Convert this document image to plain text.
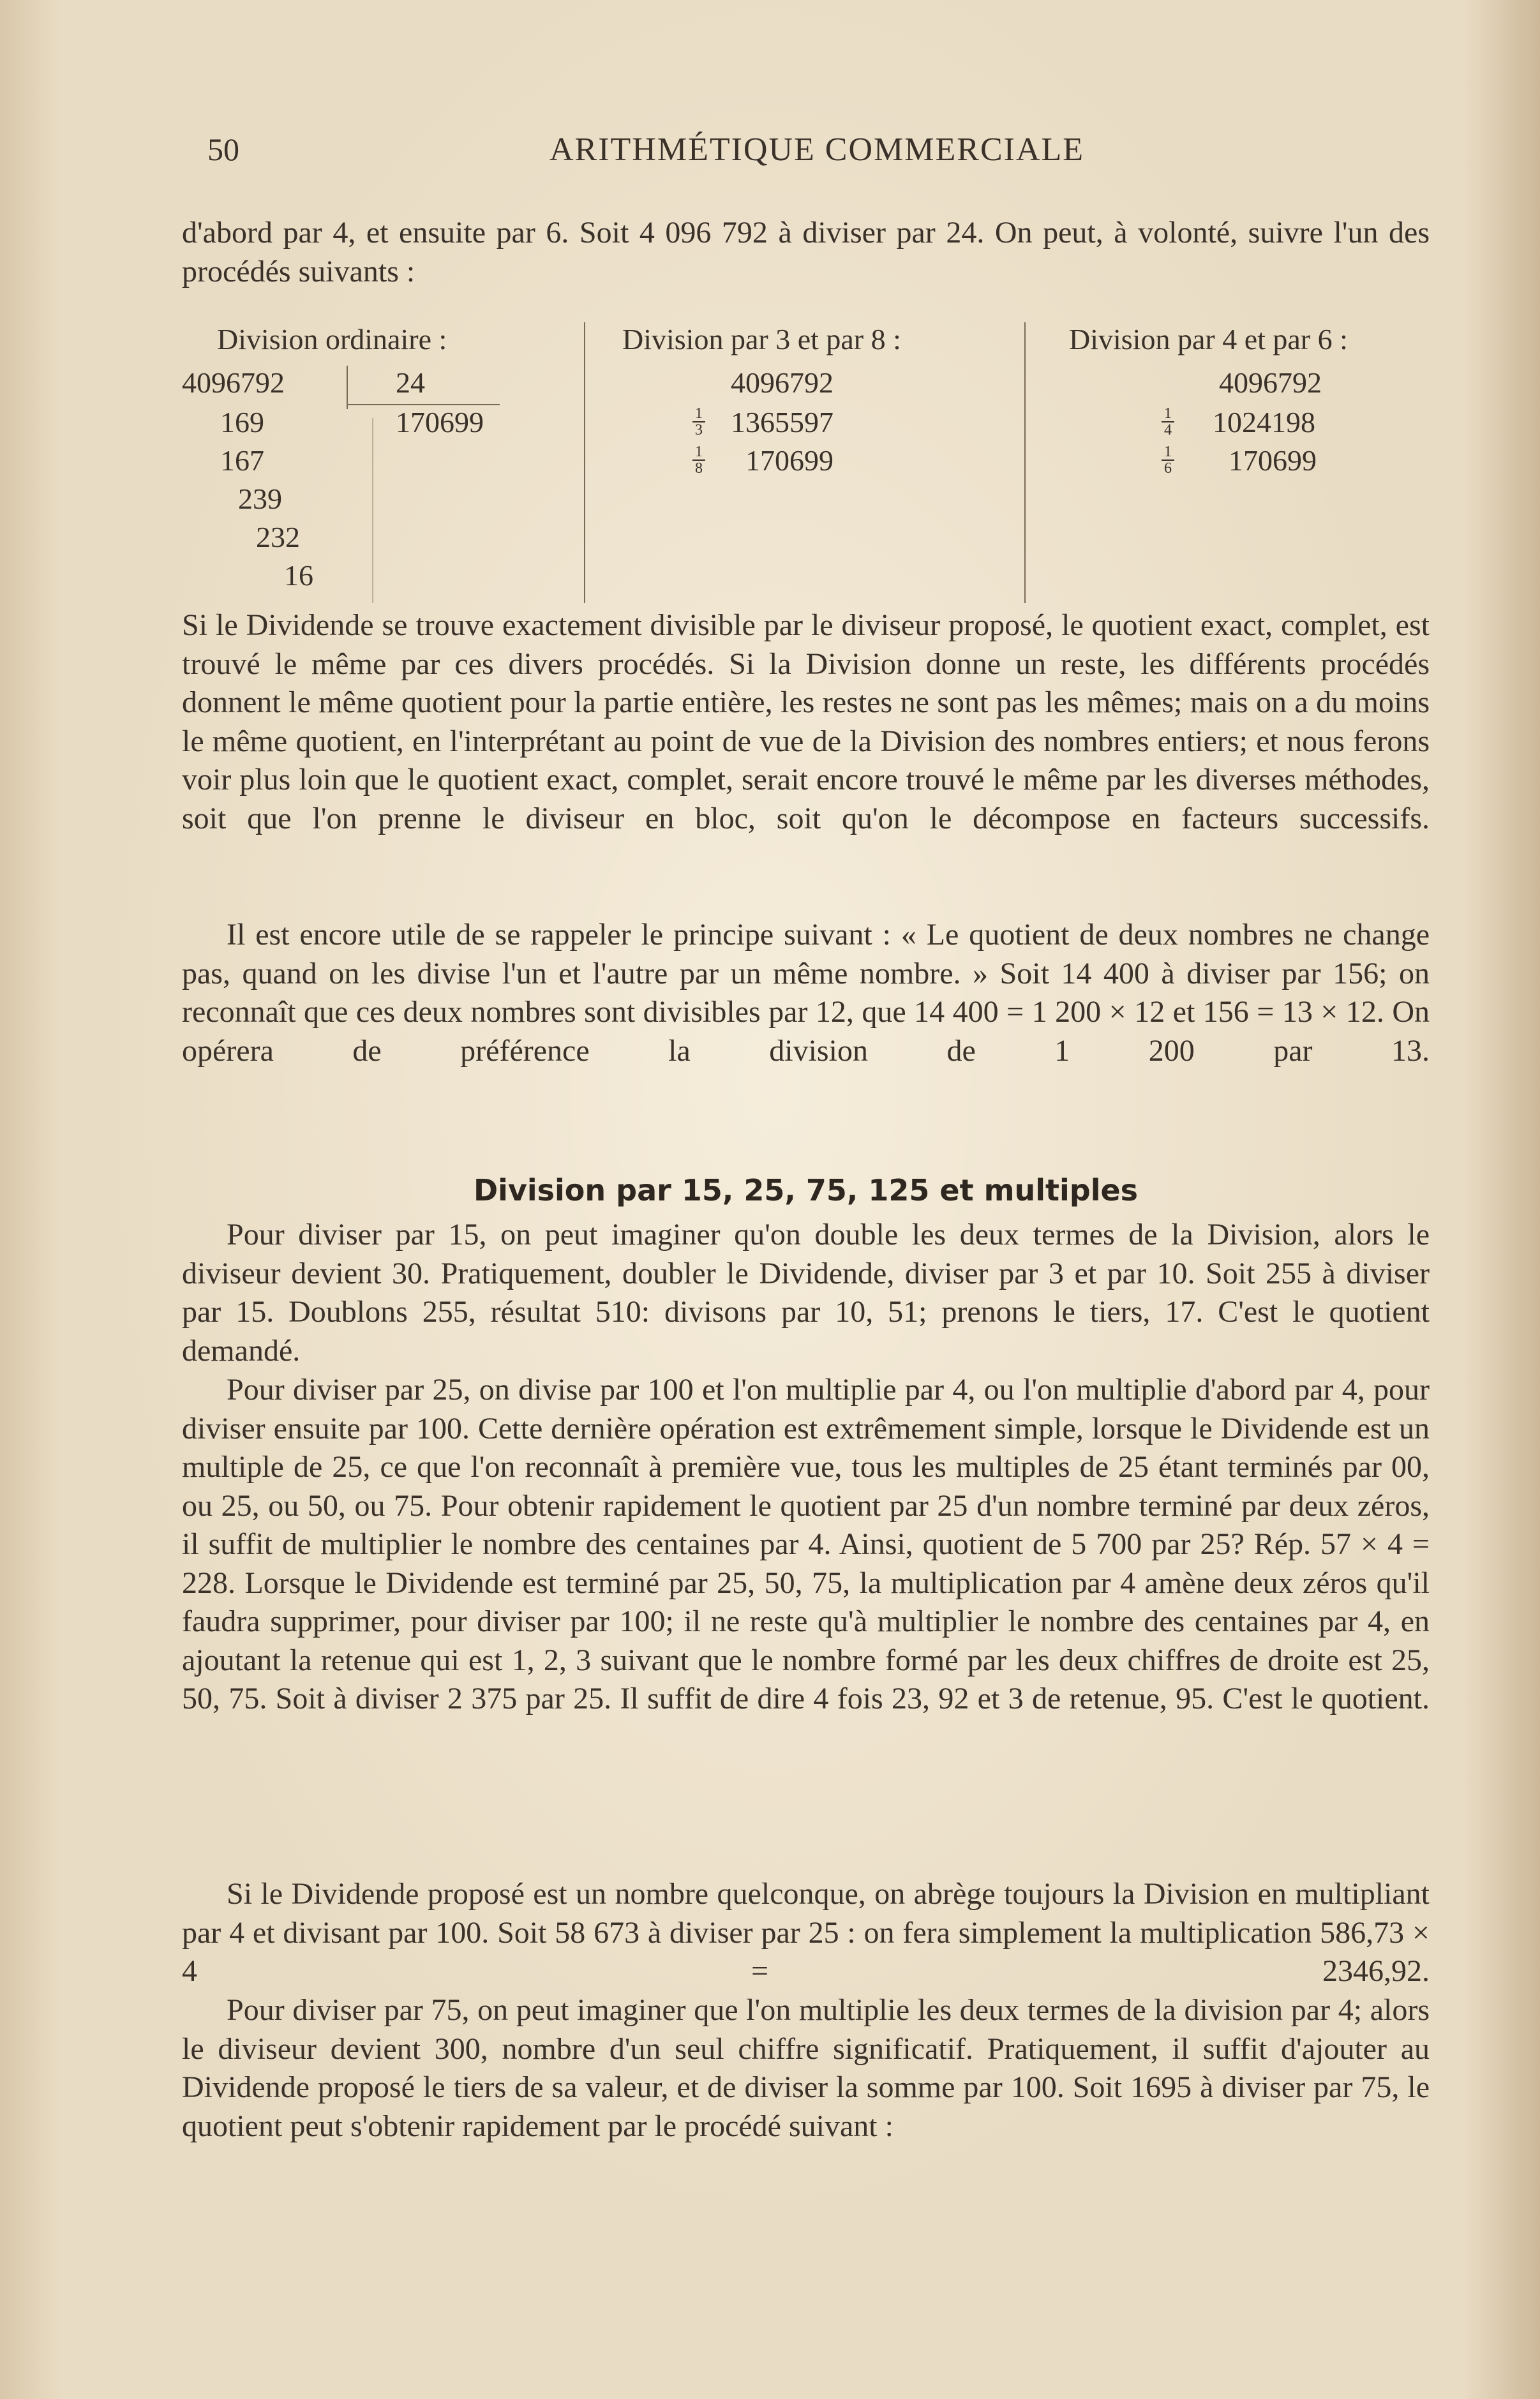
50	ARITHMÉTIQUE COMMERCIALE

d'abord par 4, et ensuite par 6. Soit 4 096 792 à diviser par 24. On peut, à volonté, suivre l'un des procédés suivants :

Division ordinaire :
4096792	24
170699
169
167
239
232
16
Division par 3 et par 8 :
4096792
1
3 1365597
1
8 170699
Division par 4 et par 6 :
4096792
1
4 1024198
1
6 170699

Si le Dividende se trouve exactement divisible par le diviseur proposé, le quotient exact, complet, est trouvé le même par ces divers procédés. Si la Division donne un reste, les différents procédés donnent le même quotient pour la partie entière, les restes ne sont pas les mêmes; mais on a du moins le même quotient, en l'interprétant au point de vue de la Division des nombres entiers; et nous ferons voir plus loin que le quotient exact, complet, serait encore trouvé le même par les diverses méthodes, soit que l'on prenne le diviseur en bloc, soit qu'on le décompose en facteurs successifs.

Il est encore utile de se rappeler le principe suivant : « Le quotient de deux nombres ne change pas, quand on les divise l'un et l'autre par un même nombre. » Soit 14 400 à diviser par 156; on reconnaît que ces deux nombres sont divisibles par 12, que 14 400 = 1 200 × 12 et 156 = 13 × 12. On opérera de préférence la division de 1 200 par 13.

Division par 15, 25, 75, 125 et multiples

Pour diviser par 15, on peut imaginer qu'on double les deux termes de la Division, alors le diviseur devient 30. Pratiquement, doubler le Dividende, diviser par 3 et par 10. Soit 255 à diviser par 15. Doublons 255, résultat 510: divisons par 10, 51; prenons le tiers, 17. C'est le quotient demandé.

Pour diviser par 25, on divise par 100 et l'on multiplie par 4, ou l'on multiplie d'abord par 4, pour diviser ensuite par 100. Cette dernière opération est extrêmement simple, lorsque le Dividende est un multiple de 25, ce que l'on reconnaît à première vue, tous les multiples de 25 étant terminés par 00, ou 25, ou 50, ou 75. Pour obtenir rapidement le quotient par 25 d'un nombre terminé par deux zéros, il suffit de multiplier le nombre des centaines par 4. Ainsi, quotient de 5 700 par 25? Rép. 57 × 4 = 228. Lorsque le Dividende est terminé par 25, 50, 75, la multiplication par 4 amène deux zéros qu'il faudra supprimer, pour diviser par 100; il ne reste qu'à multiplier le nombre des centaines par 4, en ajoutant la retenue qui est 1, 2, 3 suivant que le nombre formé par les deux chiffres de droite est 25, 50, 75. Soit à diviser 2 375 par 25. Il suffit de dire 4 fois 23, 92 et 3 de retenue, 95. C'est le quotient.

Si le Dividende proposé est un nombre quelconque, on abrège toujours la Division en multipliant par 4 et divisant par 100. Soit 58 673 à diviser par 25 : on fera simplement la multiplication 586,73 × 4 = 2346,92.

Pour diviser par 75, on peut imaginer que l'on multiplie les deux termes de la division par 4; alors le diviseur devient 300, nombre d'un seul chiffre significatif. Pratiquement, il suffit d'ajouter au Dividende proposé le tiers de sa valeur, et de diviser la somme par 100. Soit 1695 à diviser par 75, le quotient peut s'obtenir rapidement par le procédé suivant :
